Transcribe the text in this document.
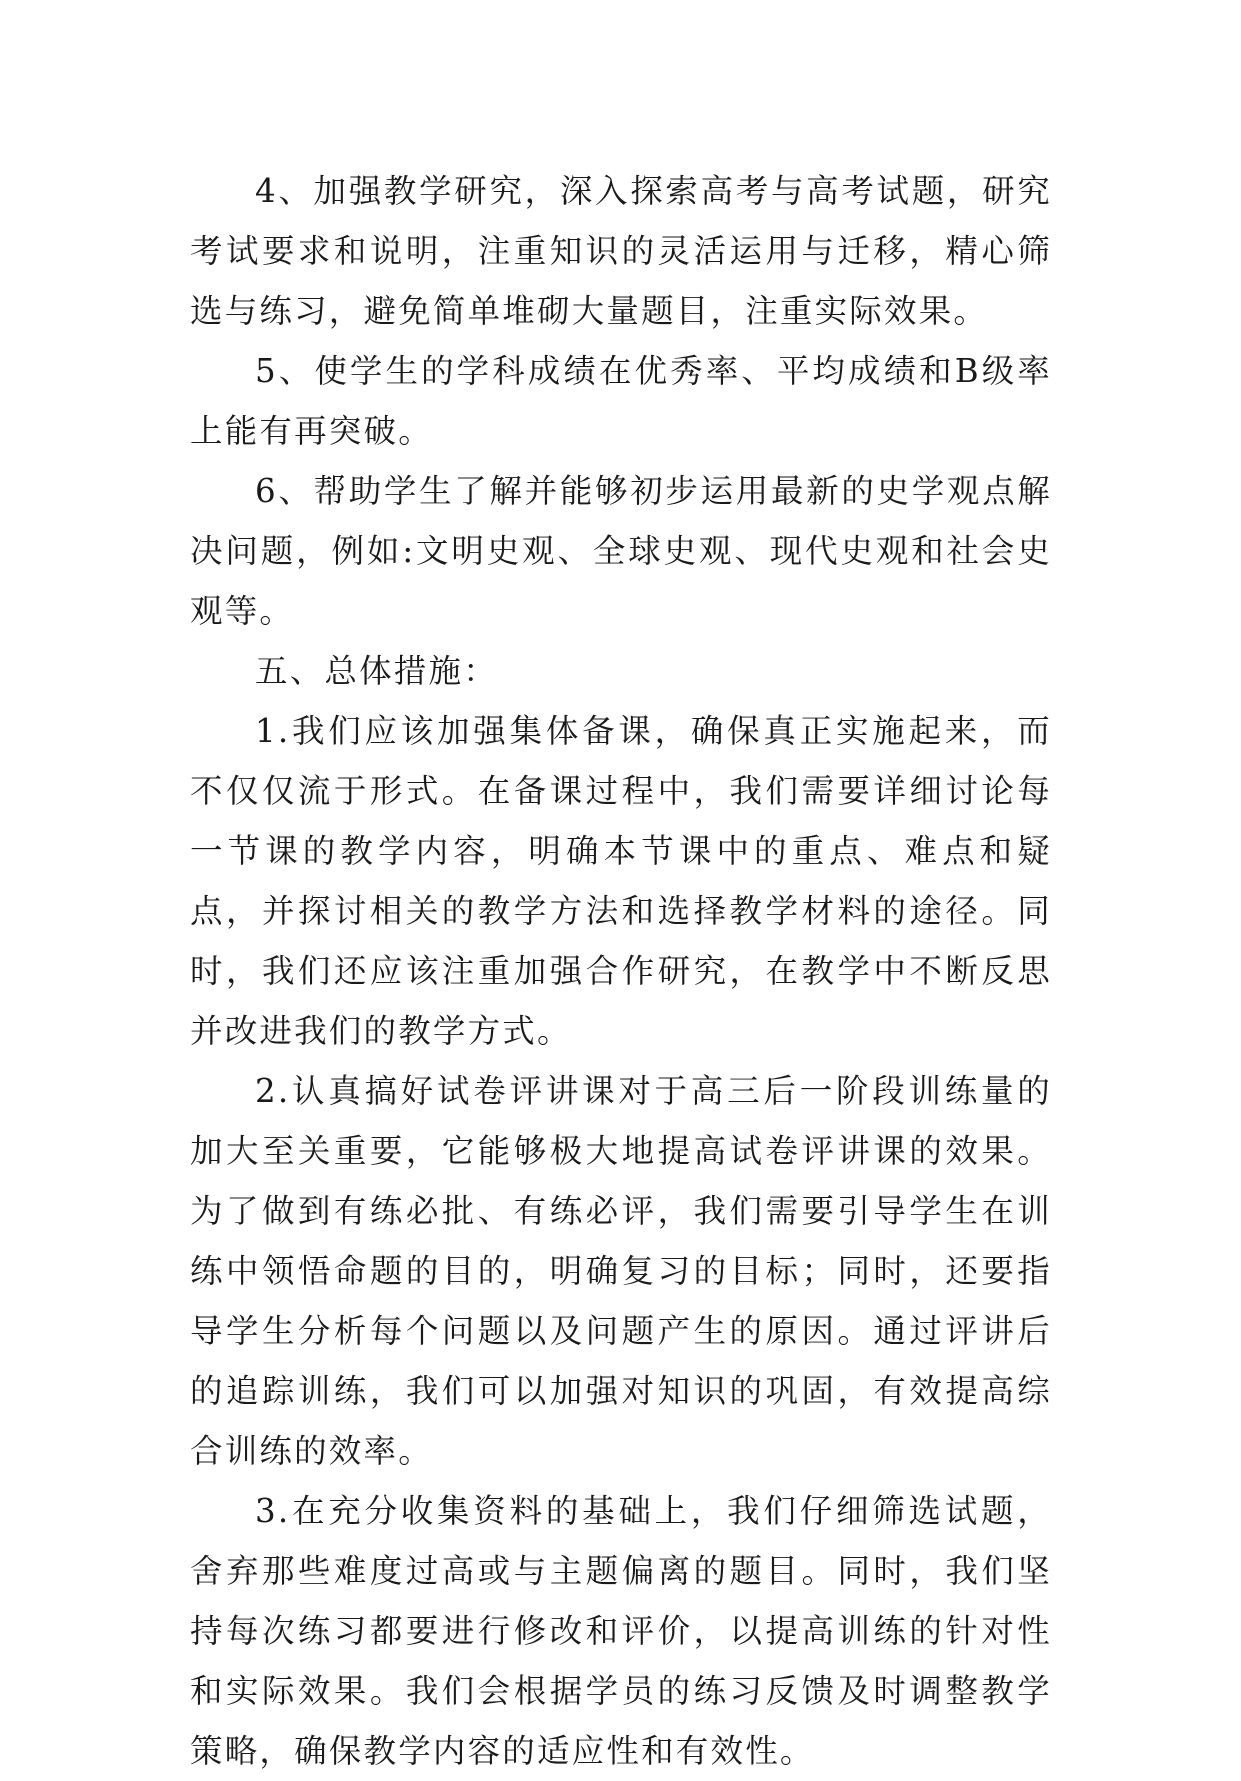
4、加强教学研究，深入探索高考与高考试题，研究考试要求和说明，注重知识的灵活运用与迁移，精心筛选与练习，避免简单堆砌大量题目，注重实际效果。

5、使学生的学科成绩在优秀率、平均成绩和B级率上能有再突破。

6、帮助学生了解并能够初步运用最新的史学观点解决问题，例如:文明史观、全球史观、现代史观和社会史观等。

五、总体措施：

1.我们应该加强集体备课，确保真正实施起来，而不仅仅流于形式。在备课过程中，我们需要详细讨论每一节课的教学内容，明确本节课中的重点、难点和疑点，并探讨相关的教学方法和选择教学材料的途径。同时，我们还应该注重加强合作研究，在教学中不断反思并改进我们的教学方式。

2.认真搞好试卷评讲课对于高三后一阶段训练量的加大至关重要，它能够极大地提高试卷评讲课的效果。为了做到有练必批、有练必评，我们需要引导学生在训练中领悟命题的目的，明确复习的目标；同时，还要指导学生分析每个问题以及问题产生的原因。通过评讲后的追踪训练，我们可以加强对知识的巩固，有效提高综合训练的效率。

3.在充分收集资料的基础上，我们仔细筛选试题，舍弃那些难度过高或与主题偏离的题目。同时，我们坚持每次练习都要进行修改和评价，以提高训练的针对性和实际效果。我们会根据学员的练习反馈及时调整教学策略，确保教学内容的适应性和有效性。
